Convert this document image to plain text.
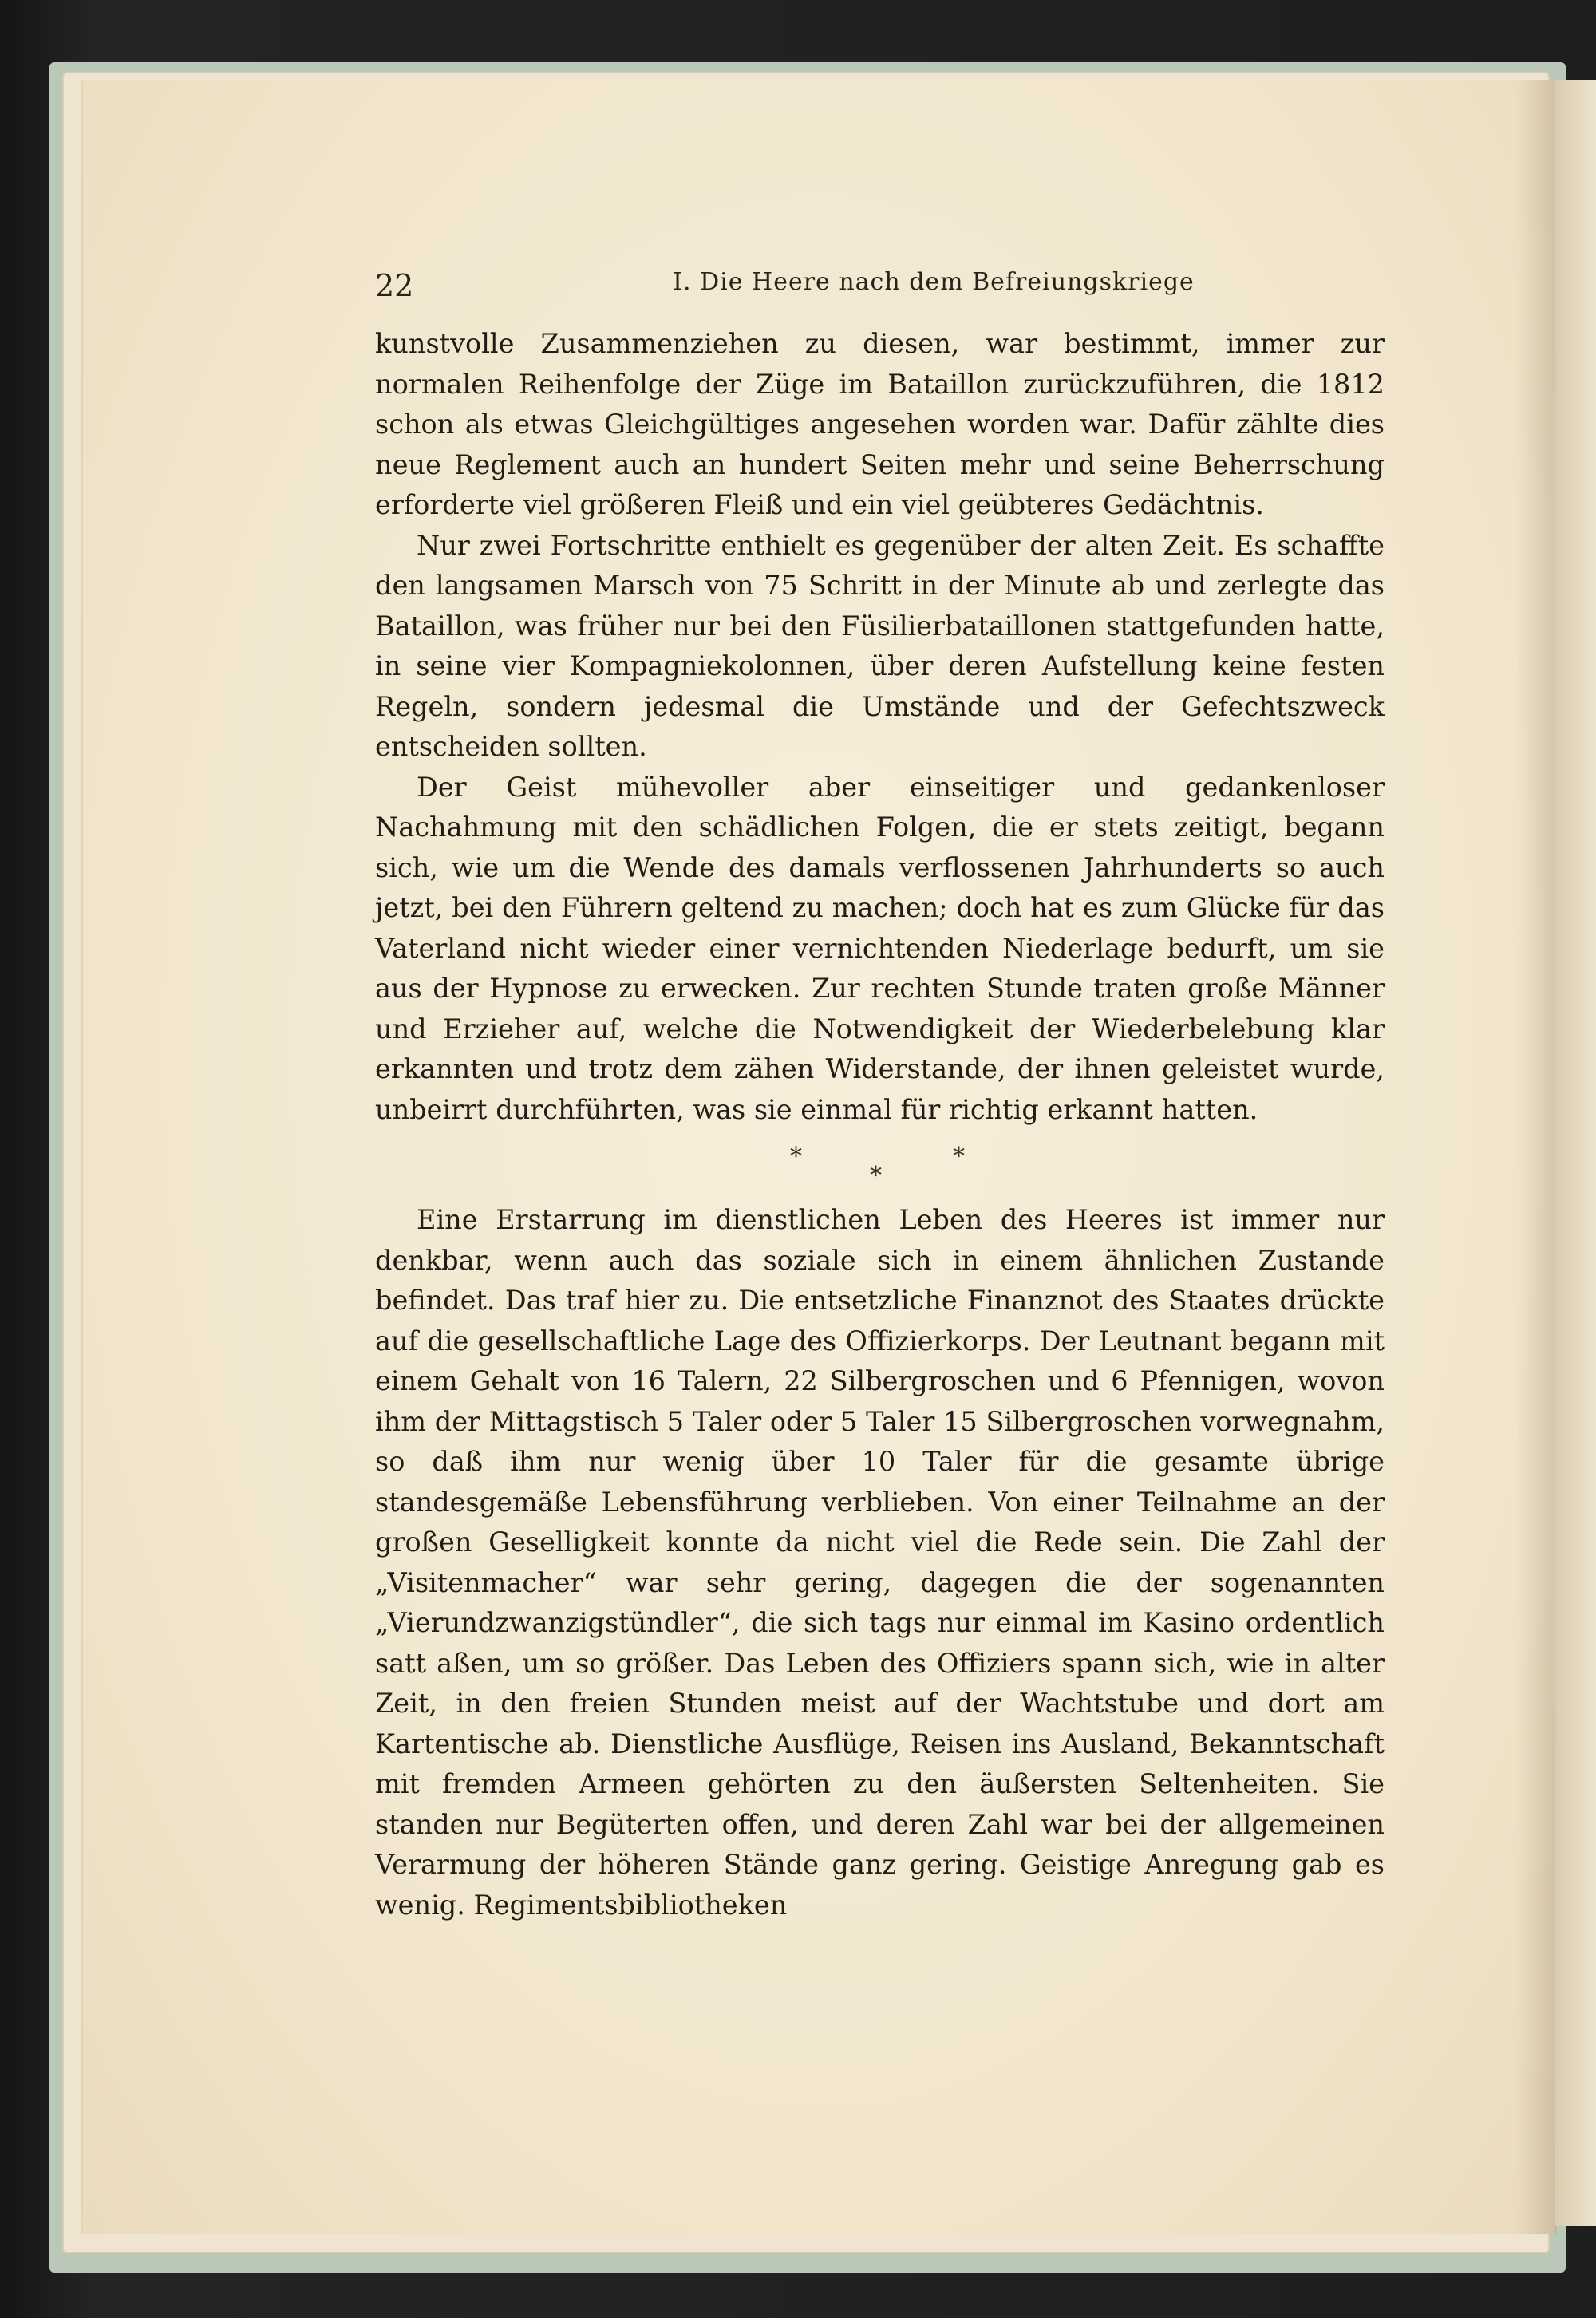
22	I. Die Heere nach dem Befreiungskriege

kunstvolle Zusammenziehen zu diesen, war bestimmt, immer zur normalen Reihenfolge der Züge im Bataillon zurückzuführen, die 1812 schon als etwas Gleichgültiges angesehen worden war. Dafür zählte dies neue Reglement auch an hundert Seiten mehr und seine Beherrschung erforderte viel größeren Fleiß und ein viel geübteres Gedächtnis.

Nur zwei Fortschritte enthielt es gegenüber der alten Zeit. Es schaffte den langsamen Marsch von 75 Schritt in der Minute ab und zerlegte das Bataillon, was früher nur bei den Füsilierbataillonen stattgefunden hatte, in seine vier Kompagniekolonnen, über deren Aufstellung keine festen Regeln, sondern jedesmal die Umstände und der Gefechtszweck entscheiden sollten.

Der Geist mühevoller aber einseitiger und gedankenloser Nachahmung mit den schädlichen Folgen, die er stets zeitigt, begann sich, wie um die Wende des damals verflossenen Jahrhunderts so auch jetzt, bei den Führern geltend zu machen; doch hat es zum Glücke für das Vaterland nicht wieder einer vernichtenden Niederlage bedurft, um sie aus der Hypnose zu erwecken. Zur rechten Stunde traten große Männer und Erzieher auf, welche die Notwendigkeit der Wiederbelebung klar erkannten und trotz dem zähen Widerstande, der ihnen geleistet wurde, unbeirrt durchführten, was sie einmal für richtig erkannt hatten.

*
*
*

Eine Erstarrung im dienstlichen Leben des Heeres ist immer nur denkbar, wenn auch das soziale sich in einem ähnlichen Zustande befindet. Das traf hier zu. Die entsetzliche Finanznot des Staates drückte auf die gesellschaftliche Lage des Offizierkorps. Der Leutnant begann mit einem Gehalt von 16 Talern, 22 Silbergroschen und 6 Pfennigen, wovon ihm der Mittagstisch 5 Taler oder 5 Taler 15 Silbergroschen vorwegnahm, so daß ihm nur wenig über 10 Taler für die gesamte übrige standesgemäße Lebensführung verblieben. Von einer Teilnahme an der großen Geselligkeit konnte da nicht viel die Rede sein. Die Zahl der „Visitenmacher“ war sehr gering, dagegen die der sogenannten „Vierundzwanzigstündler“, die sich tags nur einmal im Kasino ordentlich satt aßen, um so größer. Das Leben des Offiziers spann sich, wie in alter Zeit, in den freien Stunden meist auf der Wachtstube und dort am Kartentische ab. Dienstliche Ausflüge, Reisen ins Ausland, Bekanntschaft mit fremden Armeen gehörten zu den äußersten Seltenheiten. Sie standen nur Begüterten offen, und deren Zahl war bei der allgemeinen Verarmung der höheren Stände ganz gering. Geistige Anregung gab es wenig. Regimentsbibliotheken
